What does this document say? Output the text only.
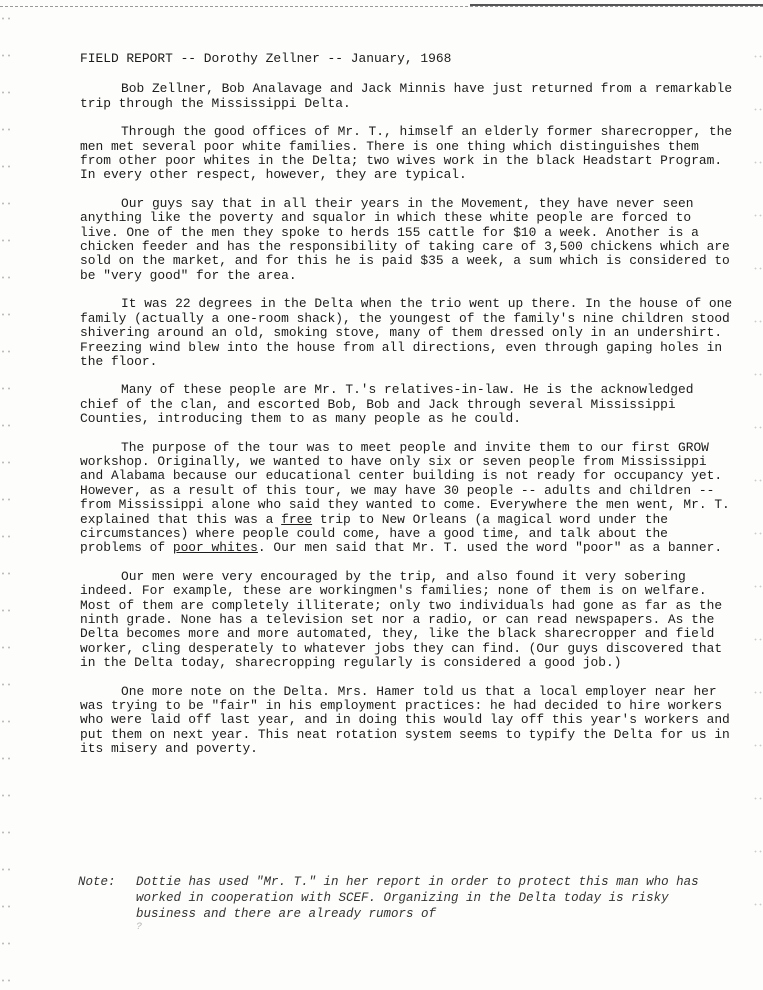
FIELD REPORT -- Dorothy Zellner -- January, 1968

Bob Zellner, Bob Analavage and Jack Minnis have just returned from a remarkable trip through the Mississippi Delta.

Through the good offices of Mr. T., himself an elderly former sharecropper, the men met several poor white families. There is one thing which distinguishes them from other poor whites in the Delta; two wives work in the black Headstart Program. In every other respect, however, they are typical.

Our guys say that in all their years in the Movement, they have never seen anything like the poverty and squalor in which these white people are forced to live. One of the men they spoke to herds 155 cattle for $10 a week. Another is a chicken feeder and has the responsibility of taking care of 3,500 chickens which are sold on the market, and for this he is paid $35 a week, a sum which is considered to be "very good" for the area.

It was 22 degrees in the Delta when the trio went up there. In the house of one family (actually a one-room shack), the youngest of the family's nine children stood shivering around an old, smoking stove, many of them dressed only in an undershirt. Freezing wind blew into the house from all directions, even through gaping holes in the floor.

Many of these people are Mr. T.'s relatives-in-law. He is the acknowledged chief of the clan, and escorted Bob, Bob and Jack through several Mississippi Counties, introducing them to as many people as he could.

The purpose of the tour was to meet people and invite them to our first GROW workshop. Originally, we wanted to have only six or seven people from Mississippi and Alabama because our educational center building is not ready for occupancy yet. However, as a result of this tour, we may have 30 people -- adults and children -- from Mississippi alone who said they wanted to come. Everywhere the men went, Mr. T. explained that this was a free trip to New Orleans (a magical word under the circumstances) where people could come, have a good time, and talk about the problems of poor whites. Our men said that Mr. T. used the word "poor" as a banner.

Our men were very encouraged by the trip, and also found it very sobering indeed. For example, these are workingmen's families; none of them is on welfare. Most of them are completely illiterate; only two individuals had gone as far as the ninth grade. None has a television set nor a radio, or can read newspapers. As the Delta becomes more and more automated, they, like the black sharecropper and field worker, cling desperately to whatever jobs they can find. (Our guys discovered that in the Delta today, sharecropping regularly is considered a good job.)

One more note on the Delta. Mrs. Hamer told us that a local employer near her was trying to be "fair" in his employment practices: he had decided to hire workers who were laid off last year, and in doing this would lay off this year's workers and put them on next year. This neat rotation system seems to typify the Delta for us in its misery and poverty.

Note: Dottie has used "Mr. T." in her report in order to protect this man who has worked in cooperation with SCEF. Organizing in the Delta today is risky business and there are already rumors of
?
